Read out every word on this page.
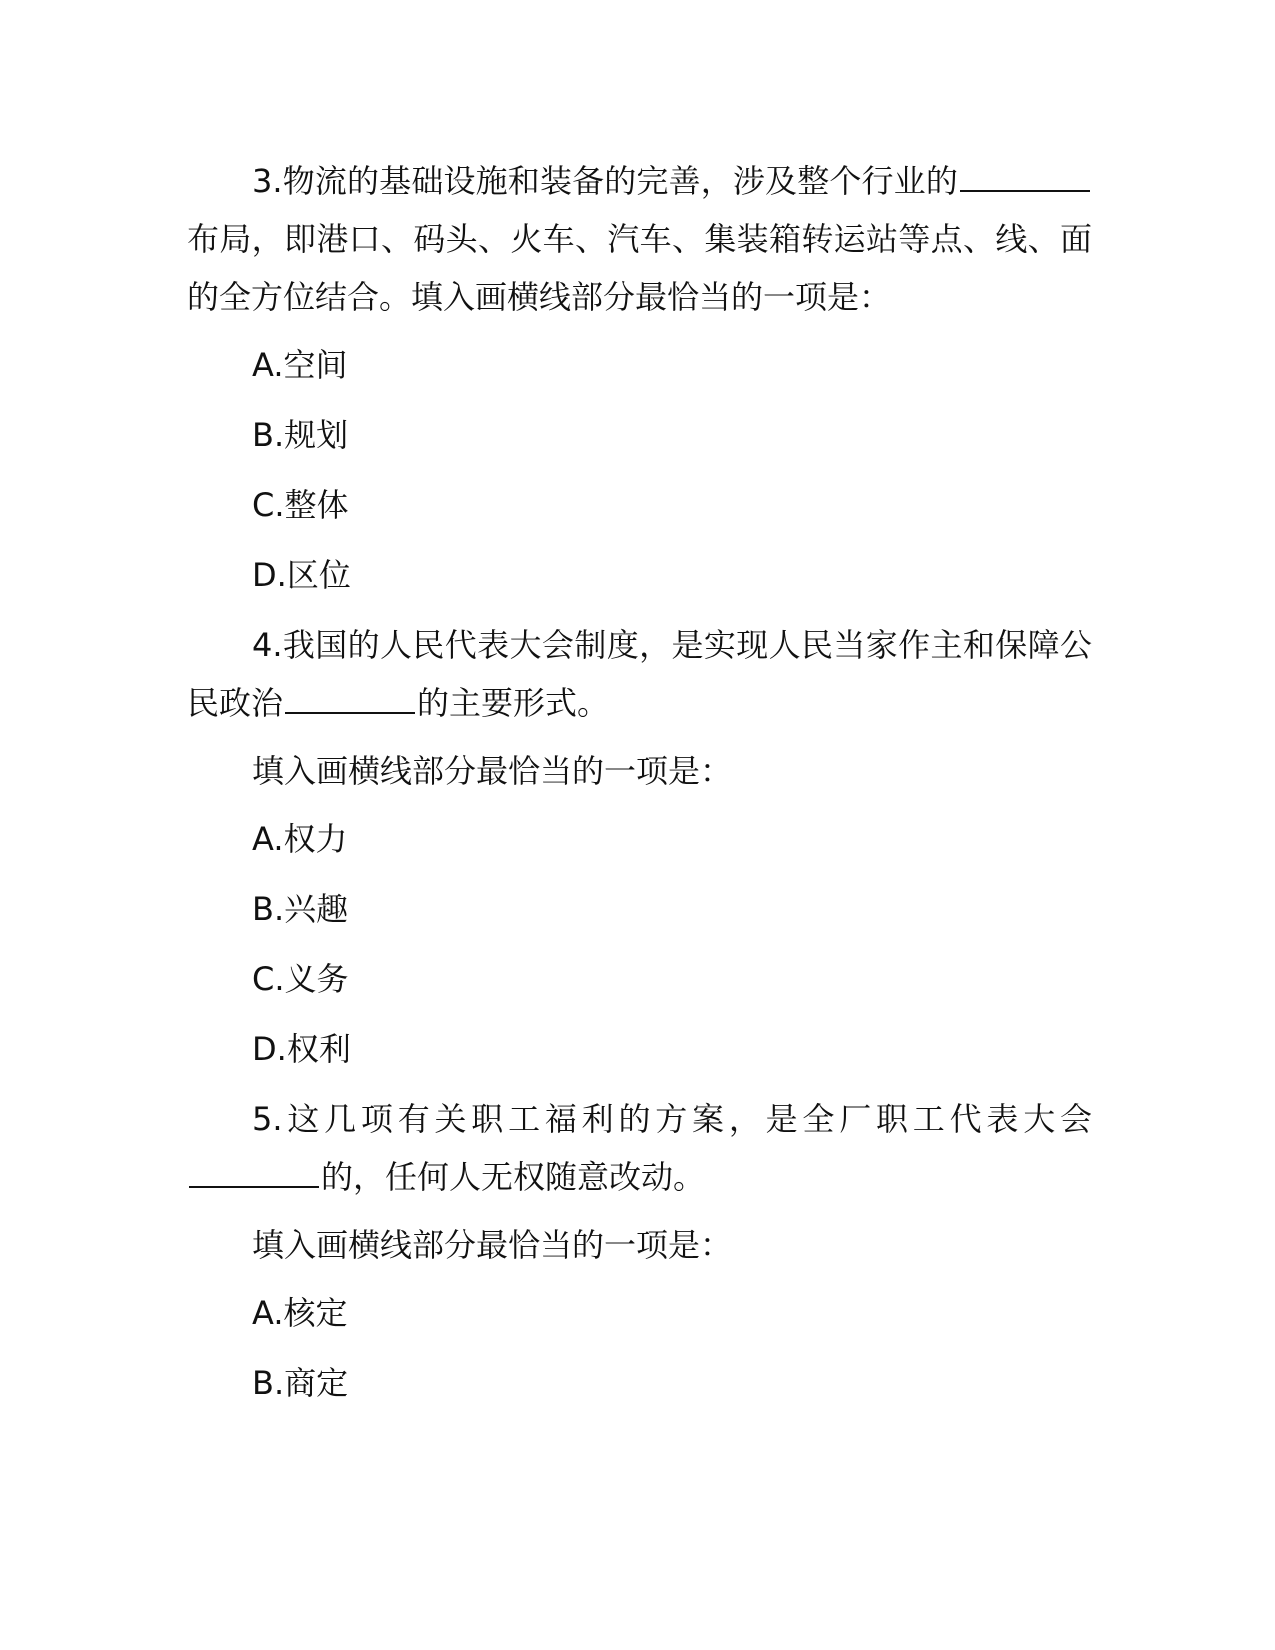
3.物流的基础设施和装备的完善，涉及整个行业的布局，即港口、码头、火车、汽车、集装箱转运站等点、线、面的全方位结合。填入画横线部分最恰当的一项是：

A.空间
B.规划
C.整体
D.区位

4.我国的人民代表大会制度，是实现人民当家作主和保障公民政治	的主要形式。

填入画横线部分最恰当的一项是：

A.权力
B.兴趣
C.义务
D.权利

5.这几项有关职工福利的方案，是全厂职工代表大会的，任何人无权随意改动。

填入画横线部分最恰当的一项是：

A.核定
B.商定
